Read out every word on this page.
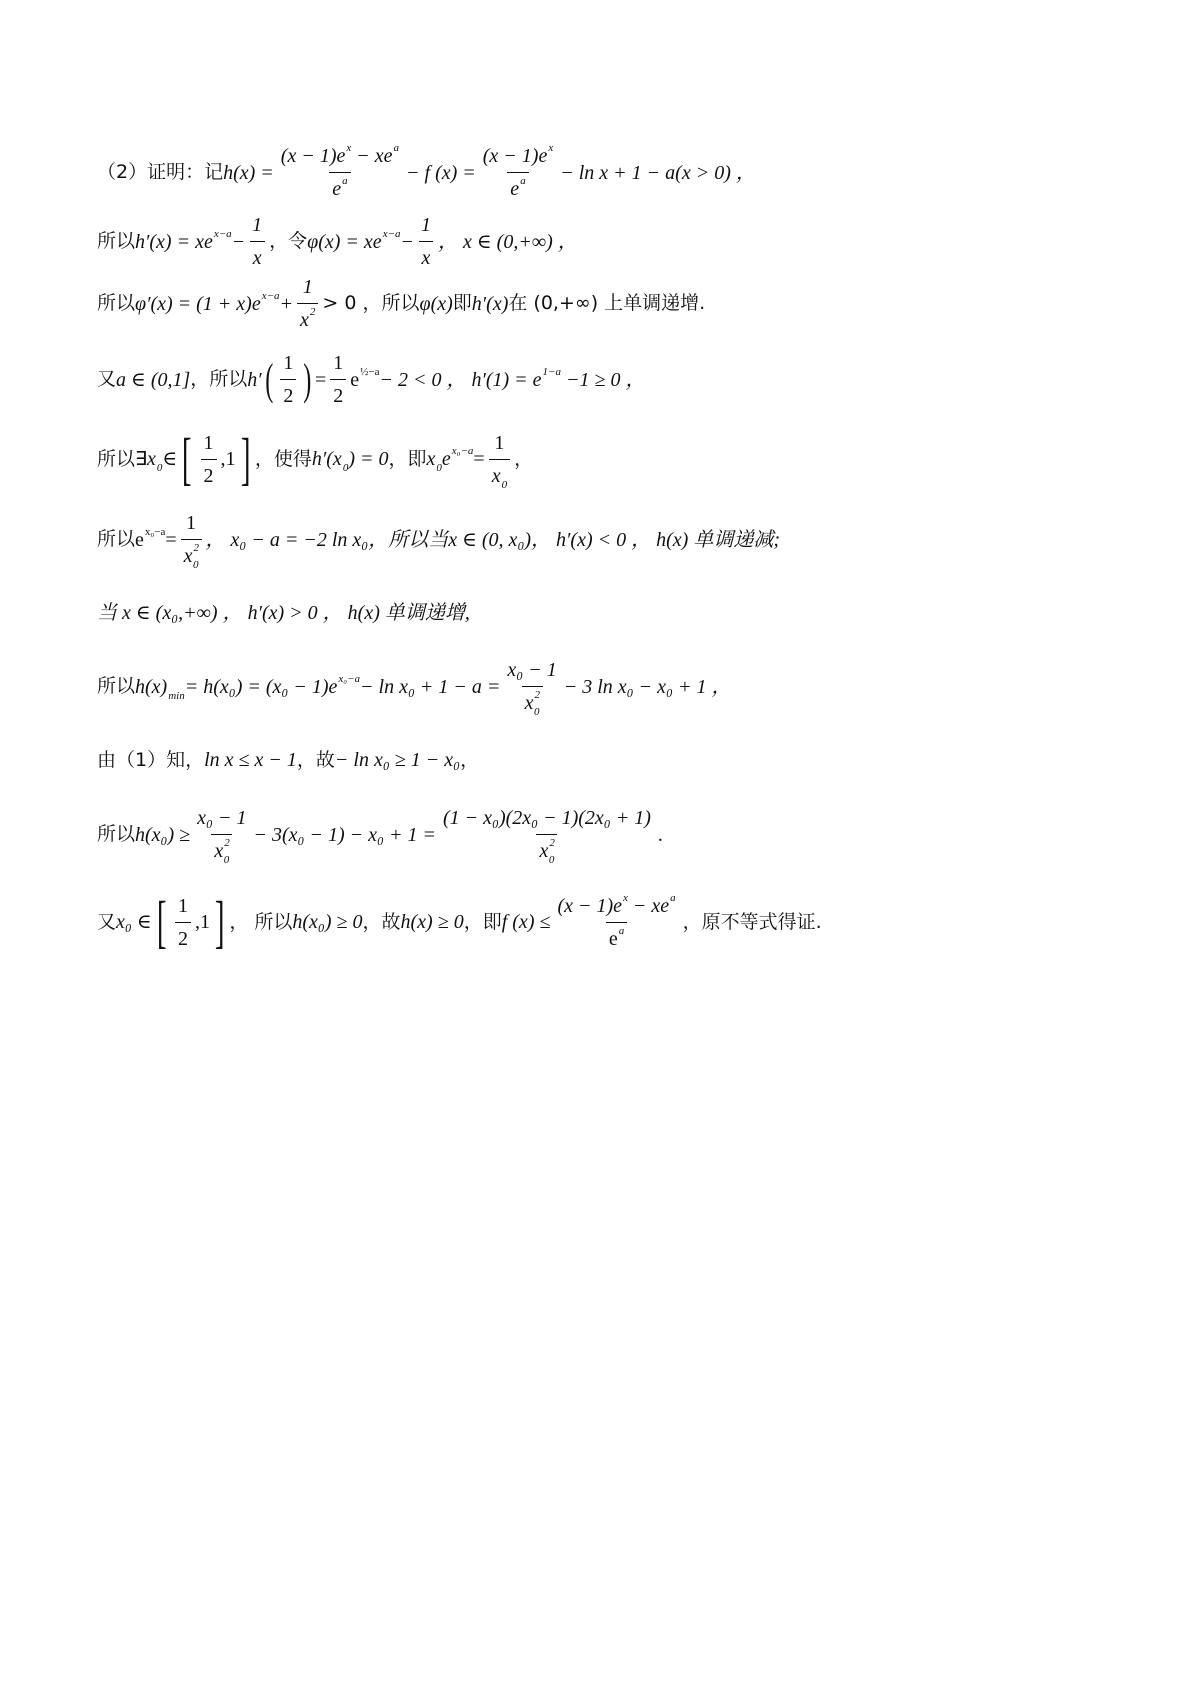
（2）证明：记 $h(x) = \frac{(x - 1)e^x - xe^a}{e^a} - f$ $(x) = \frac{(x - 1)e^x}{e^a} - \ln x + 1 - a(x > 0)$ ，
所以 $h'(x) = xe^{x-a} - \frac{1}{x}$ ，令 $\varphi(x) = xe^{x-a} - \frac{1}{x}$ ， x ∈ (0,+∞) ，
所以 $\varphi'(x) = (1 + x)e^{x-a} + \frac{1}{x^2} > 0$ ，所以 φ(x) 即 h′(x) 在 (0,+∞) 上单调递增.
又 a ∈ (0,1] ，所以 h′ ( $\frac{1}{2}$ ) = $\frac{1}{2} e^{\frac{1}{2}-a} - 2 < 0$ ， $h'(1) = e^{1-a} -1 \ge 0$ ，
所以∃ $x_0$ ∈ [ $\frac{1}{2} ,1$ ] ，使得 $h'(x_0) = 0$ ，即 $x_0e^{x_0-a} = \frac{1}{x_0}$ ，
所以 $e^{x_0-a} = \frac{1}{x^2_0}$ ， x₀ − a = −2 ln x₀，所以当 x ∈ (0, x₀)， h′(x) < 0 ， h(x) 单调递减;
当 x ∈ (x₀,+∞) ， h′(x) > 0 ， h(x) 单调递增,
所以 $h(x)_{min} = h(x_0) = (x_0 - 1)e^{x_0-a} - \ln x_0 + 1 - a = \frac{\text{x₀ − 1}}{x^2_0} - 3$ ln x₀ − x₀ + 1 ，
由（1）知， ln x ≤ x − 1 ，故 − ln x₀ ≥ 1 − x₀ ，
所以 $h(x_0) \ge \frac{\text{x₀ − 1}}{x^2_0} - 3(x_0 - 1) - x_0 + 1 = \frac{\text{(1 − x₀)(2x₀ − 1)(2x₀ + 1)}}{x^2_0}$ .
又 x₀ ∈ [ $\frac{1}{2} ,1$ ] ， 所以 h(x₀) ≥ 0 ，故 h(x) ≥ 0 ，即 f $(x) \le \frac{(x - 1)e^x - xe^a}{e^a}$ ，原不等式得证.
